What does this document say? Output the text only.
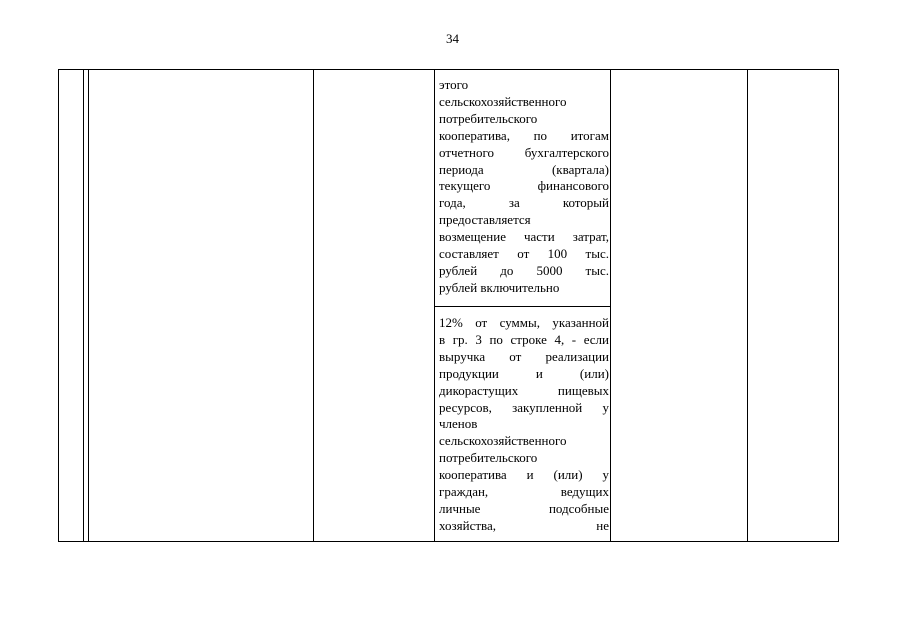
34
этого
сельскохозяйственного
потребительского
кооператива, по итогам
отчетного бухгалтерского
периода (квартала)
текущего финансового
года, за который
предоставляется
возмещение части затрат,
составляет от 100 тыс.
рублей до 5000 тыс.
рублей включительно
12% от суммы, указанной
в гр. 3 по строке 4, - если
выручка от реализации
продукции и (или)
дикорастущих пищевых
ресурсов, закупленной у
членов
сельскохозяйственного
потребительского
кооператива и (или) у
граждан, ведущих
личные подсобные
хозяйства, не
